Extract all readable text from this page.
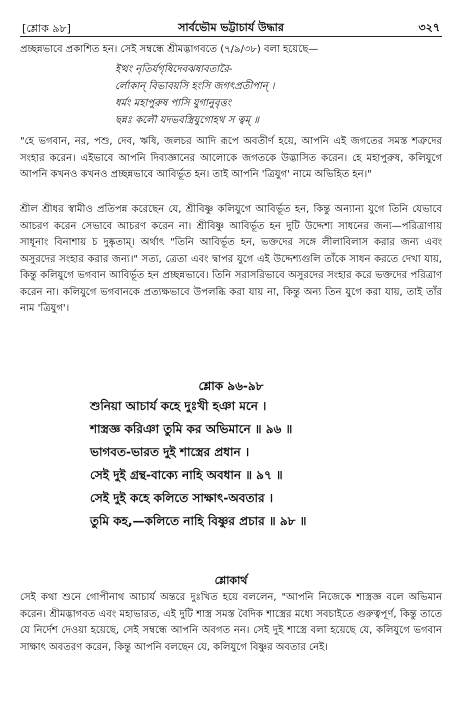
[শ্লোক ৯৮]	সার্বভৌম ভট্টাচার্য উদ্ধার	৩২৭
প্রচ্ছন্নভাবে প্রকাশিত হন। সেই সম্বন্ধে শ্রীমদ্ভাগবতে (৭/৯/৩৮) বলা হয়েছে—
ইত্থং নৃতির্যগৃষিদেবঝষাবতারৈ-
র্লোকান্ বিভাবয়সি হংসি জগৎপ্রতীপান্ ।
ধর্মং মহাপুরুষ পাসি যুগানুবৃত্তং
ছন্নঃ কলৌ যদভবস্ত্রিযুগোহথ স ত্বম্ ॥
"হে ভগবান, নর, পশু, দেব, ঋষি, জলচর আদি রূপে অবতীর্ণ হয়ে, আপনি এই জগতের সমস্ত শত্রুদের সংহার করেন। এইভাবে আপনি দিব্যজ্ঞানের আলোকে জগতকে উদ্ভাসিত করেন। হে মহাপুরুষ, কলিযুগে আপনি কখনও কখনও প্রচ্ছন্নভাবে আবির্ভূত হন। তাই আপনি 'ত্রিযুগ' নামে অভিহিত হন।"
শ্রীল শ্রীধর স্বামীও প্রতিপন্ন করেছেন যে, শ্রীবিষ্ণু কলিযুগে আবির্ভূত হন, কিন্তু অন্যান্য যুগে তিনি যেভাবে আচরণ করেন সেভাবে আচরণ করেন না। শ্রীবিষ্ণু আবির্ভূত হন দুটি উদ্দেশ্য সাধনের জন্য—পরিত্রাণায় সাধূনাং বিনাশায় চ দুষ্কৃতাম্। অর্থাৎ "তিনি আবির্ভূত হন, ভক্তদের সঙ্গে লীলাবিলাস করার জন্য এবং অসুরদের সংহার করার জন্য।" সত্য, ত্রেতা এবং দ্বাপর যুগে এই উদ্দেশ্যগুলি তাঁকে সাধন করতে দেখা যায়, কিন্তু কলিযুগে ভগবান আবির্ভূত হন প্রচ্ছন্নভাবে। তিনি সরাসরিভাবে অসুরদের সংহার করে ভক্তদের পরিত্রাণ করেন না। কলিযুগে ভগবানকে প্রত্যক্ষভাবে উপলব্ধি করা যায় না, কিন্তু অন্য তিন যুগে করা যায়, তাই তাঁর নাম 'ত্রিযুগ'।
শ্লোক ৯৬-৯৮
শুনিয়া আচার্য কহে দুঃখী হঞা মনে ।
শাস্ত্রজ্ঞ করিঞা তুমি কর অভিমানে ॥ ৯৬ ॥
ভাগবত-ভারত দুই শাস্ত্রের প্রধান ।
সেই দুই গ্রন্থ-বাক্যে নাহি অবধান ॥ ৯৭ ॥
সেই দুই কহে কলিতে সাক্ষাৎ-অবতার ।
তুমি কহ,—কলিতে নাহি বিষ্ণুর প্রচার ॥ ৯৮ ॥
শ্লোকার্থ
সেই কথা শুনে গোপীনাথ আচার্য অন্তরে দুঃখিত হয়ে বললেন, "আপনি নিজেকে শাস্ত্রজ্ঞ বলে অভিমান করেন। শ্রীমদ্ভাগবত এবং মহাভারত, এই দুটি শাস্ত্র সমস্ত বৈদিক শাস্ত্রের মধ্যে সবচাইতে গুরুত্বপূর্ণ, কিন্তু তাতে যে নির্দেশ দেওয়া হয়েছে, সেই সম্বন্ধে আপনি অবগত নন। সেই দুই শাস্ত্রে বলা হয়েছে যে, কলিযুগে ভগবান সাক্ষাৎ অবতরণ করেন, কিন্তু আপনি বলছেন যে, কলিযুগে বিষ্ণুর অবতার নেই।
